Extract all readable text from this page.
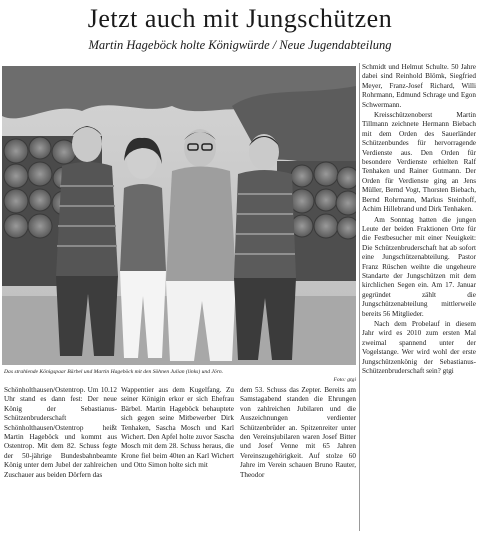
Jetzt auch mit Jungschützen
Martin Hageböck holte Königwürde / Neue Jugendabteilung
Das strahlende Königspaar Bärbel und Martin Hageböck mit den Söhnen Julian (links) und Jörn.
Foto: gtgi

Schmidt und Helmut Schulte. 50 Jahre dabei sind Reinhold Blömk, Siegfried Meyer, Franz-Josef Richard, Willi Rohrmann, Edmund Schrage und Egon Schwermann.

Kreisschützenoberst Martin Tillmann zeichnete Hermann Biebach mit dem Orden des Sauerländer Schützenbundes für hervorragende Verdienste aus. Den Orden für besondere Verdienste erhielten Ralf Tenhaken und Rainer Gutmann. Der Orden für Verdienste ging an Jens Müller, Bernd Vogt, Thorsten Biebach, Bernd Rohrmann, Markus Steinhoff, Achim Hillebrand und Dirk Tenhaken.

Am Sonntag hatten die jungen Leute der beiden Fraktionen Orte für die Festbesucher mit einer Neuigkeit: Die Schützenbruderschaft hat ab sofort eine Jungschützenabteilung. Pastor Franz Rüschen weihte die ungeheure Standarte der Jungschützen mit dem kirchlichen Segen ein. Am 17. Januar gegründet zählt die Jungschützenabteilung mittlerweile bereits 56 Mitglieder.

Nach dem Probelauf in diesem Jahr wird es 2010 zum ersten Mal zweimal spannend unter der Vogelstange. Wer wird wohl der erste Jungschützenkönig der Sebastianus-Schützenbruderschaft sein? gtgi

Schönholthausen/Ostentrop. Um 10.12 Uhr stand es dann fest: Der neue König der Sebastianus-Schützenbruderschaft Schönholthausen/Ostentrop heißt Martin Hageböck und kommt aus Ostentrop. Mit dem 82. Schuss fegte der 50-jährige Bundesbahnbeamte König unter dem Jubel der zahlreichen Zuschauer aus beiden Dörfern das

Wappentier aus dem Kugelfang. Zu seiner Königin erkor er sich Ehefrau Bärbel. Martin Hageböck behauptete sich gegen seine Mitbewerber Dirk Tenhaken, Sascha Mosch und Karl Wichert. Den Apfel holte zuvor Sascha Mosch mit dem 28. Schuss heraus, die Krone fiel beim 40ten an Karl Wichert und Otto Simon holte sich mit

dem 53. Schuss das Zepter. Bereits am Samstagabend standen die Ehrungen von zahlreichen Jubilaren und die Auszeichnungen verdienter Schützenbrüder an. Spitzenreiter unter den Vereinsjubilaren waren Josef Bitter und Josef Venne mit 65 Jahren Vereinszugehörigkeit. Auf stolze 60 Jahre im Verein schauen Bruno Rauter, Theodor
